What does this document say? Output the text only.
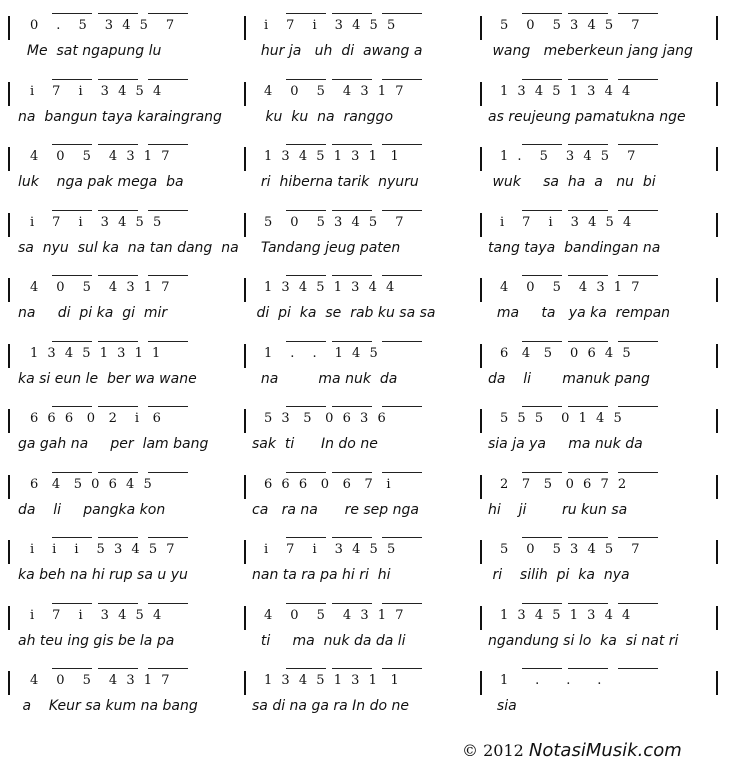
0    .    5    3  4  5    7
Me  sat ngapung lu
i    7    i    3  4  5  5
hur ja   uh  di  awang a
5    0    5  3  4  5    7
wang   meberkeun jang jang
i    7    i    3  4  5  4
na  bangun taya karaingrang
4    0    5    4  3  1  7
ku  ku  na  ranggo
1  3  4  5  1  3  4  4
as reujeung pamatukna nge
4    0    5    4  3  1  7
luk    nga pak mega  ba
1  3  4  5  1  3  1   1
ri  hiberna tarik  nyuru
1  .    5    3  4  5    7
wuk     sa  ha  a   nu  bi
i    7    i    3  4  5  5
sa  nyu  sul ka  na tan dang  na
5    0    5  3  4  5    7
Tandang jeug paten
i    7    i    3  4  5  4
tang taya  bandingan na
4    0    5    4  3  1  7
na     di  pi ka  gi  mir
1  3  4  5  1  3  4  4
di  pi  ka  se  rab ku sa sa
4    0    5    4  3  1  7
ma     ta   ya ka  rempan
1  3  4  5  1  3  1  1
ka si eun le  ber wa wane
1    .    .    1  4  5
na         ma nuk  da
6   4   5    0  6  4  5
da    li       manuk pang
6  6  6   0   2    i   6
ga gah na     per  lam bang
5  3   5   0  6  3  6
sak  ti      In do ne
5  5  5    0  1  4  5
sia ja ya     ma nuk da
6   4   5  0  6  4  5
da    li     pangka kon
6  6  6   0   6   7   i
ca   ra na      re sep nga
2   7   5   0  6  7  2
hi    ji        ru kun sa
i    i    i    5  3  4  5  7
ka beh na hi rup sa u yu
i    7    i    3  4  5  5
nan ta ra pa hi ri  hi
5    0    5  3  4  5    7
ri    silih  pi  ka  nya
i    7    i    3  4  5  4
ah teu ing gis be la pa
4    0    5    4  3  1  7
ti     ma  nuk da da li
1  3  4  5  1  3  4  4
ngandung si lo  ka  si nat ri
4    0    5    4  3  1  7
a    Keur sa kum na bang
1  3  4  5  1  3  1   1
sa di na ga ra In do ne
1      .      .      .
sia
© 2012 NotasiMusik.com
